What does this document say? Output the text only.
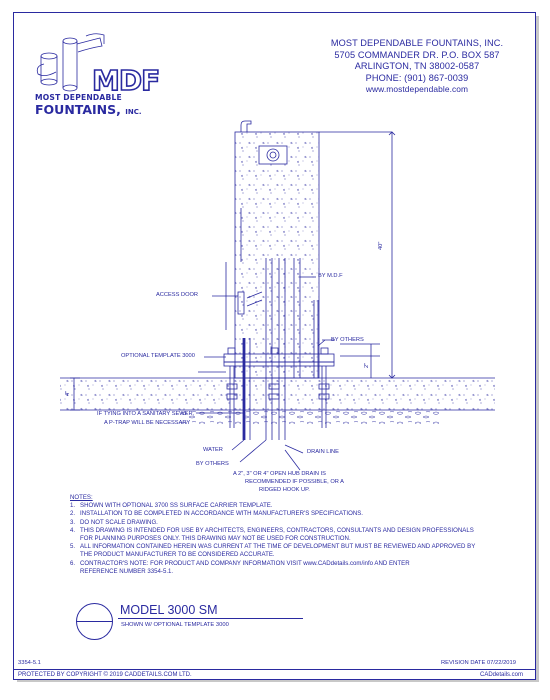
MDF
MOST DEPENDABLE
FOUNTAINS, INC.
MOST DEPENDABLE FOUNTAINS, INC.
5705 COMMANDER DR. P.O. BOX 587
ARLINGTON, TN 38002-0587
PHONE: (901) 867-0039
www.mostdependable.com
BY M.D.F
ACCESS DOOR
BY OTHERS
OPTIONAL TEMPLATE 3000
IF TYING INTO A SANITARY SEWER,
A P-TRAP WILL BE NECESSARY
DRAIN LINE
WATER
BY OTHERS
A 2", 3" OR 4" OPEN HUB DRAIN IS
RECOMMENDED IF POSSIBLE, OR A
RIDGED HOOK UP.
40"
4"
2"
NOTES:
1. SHOWN WITH OPTIONAL 3700 SS SURFACE CARRIER TEMPLATE.
2. INSTALLATION TO BE COMPLETED IN ACCORDANCE WITH MANUFACTURER'S SPECIFICATIONS.
3. DO NOT SCALE DRAWING.
4. THIS DRAWING IS INTENDED FOR USE BY ARCHITECTS, ENGINEERS, CONTRACTORS, CONSULTANTS AND DESIGN PROFESSIONALS
FOR PLANNING PURPOSES ONLY. THIS DRAWING MAY NOT BE USED FOR CONSTRUCTION.
5. ALL INFORMATION CONTAINED HEREIN WAS CURRENT AT THE TIME OF DEVELOPMENT BUT MUST BE REVIEWED AND APPROVED BY
THE PRODUCT MANUFACTURER TO BE CONSIDERED ACCURATE.
6. CONTRACTOR'S NOTE: FOR PRODUCT AND COMPANY INFORMATION VISIT www.CADdetails.com/info AND ENTER
REFERENCE NUMBER 3354-5.1.
MODEL 3000 SM
SHOWN W/ OPTIONAL TEMPLATE 3000
3354-5.1	REVISION DATE 07/22/2019
PROTECTED BY COPYRIGHT © 2019 CADDETAILS.COM LTD.	CADdetails.com
